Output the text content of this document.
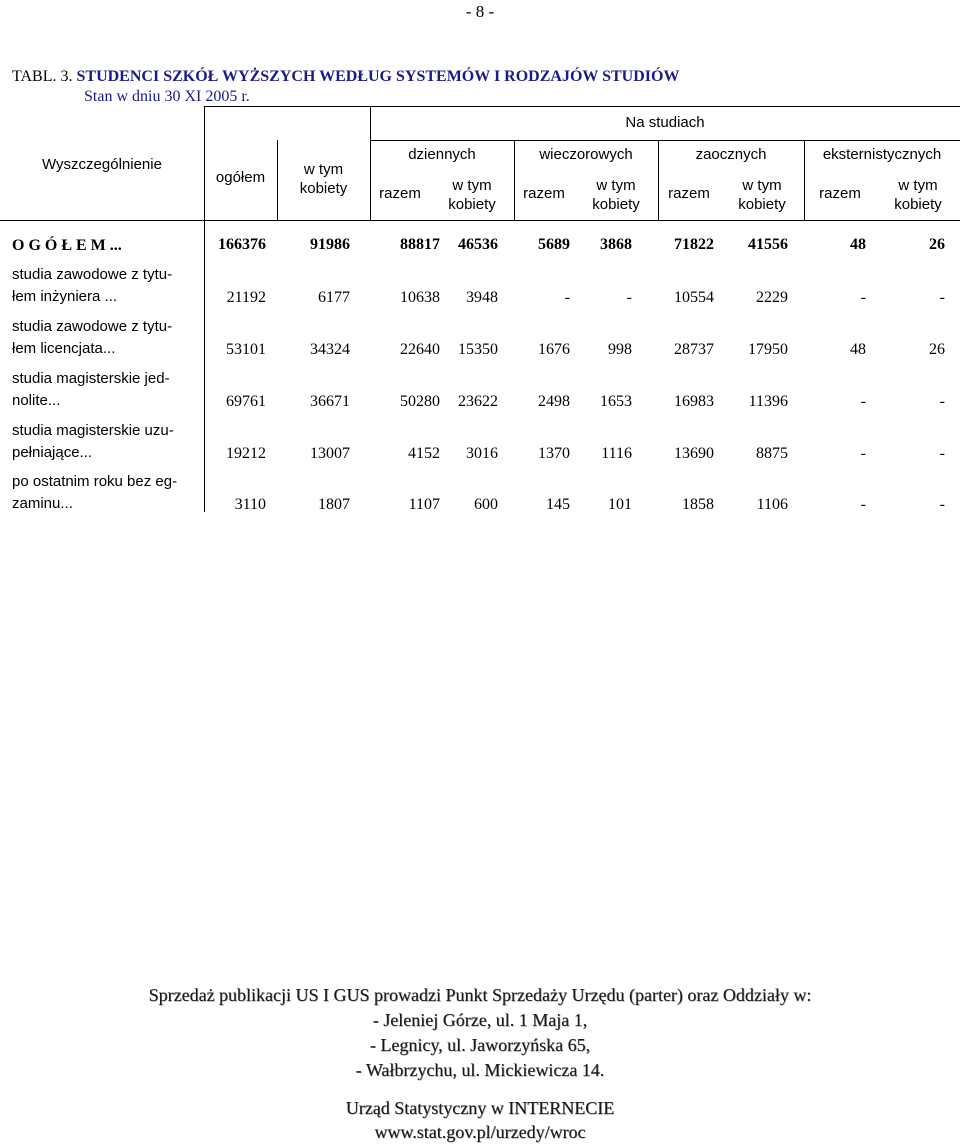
- 8 -
TABL. 3. STUDENCI SZKÓŁ WYŻSZYCH WEDŁUG SYSTEMÓW I RODZAJÓW STUDIÓW
Stan w dniu 30 XI 2005 r.
Wyszczególnienie
ogółem	w tym
kobiety
Na studiach
dziennych	wieczorowych	zaocznych	eksternistycznych
razem	w tym
kobiety
razem	w tym
kobiety
razem	w tym
kobiety
razem	w tym
kobiety
O G Ó Ł E M ...	166376	91986	88817 46536	5689 3868	71822 41556	48	26
studia zawodowe z tytu-
łem inżyniera ...	21192	6177	10638 3948	-	-	10554	2229	-	-
studia zawodowe z tytu-
łem licencjata...	53101	34324	22640 15350	1676 998	28737 17950	48	26
studia magisterskie jed-
nolite...	69761	36671	50280 23622	2498 1653	16983 11396	-	-
studia magisterskie uzu-
pełniające...	19212	13007	4152 3016	1370 1116	13690	8875	-	-
po ostatnim roku bez eg-
zaminu...	3110	1807	1107 600	145 101	1858	1106	-	-
Sprzedaż publikacji US I GUS prowadzi Punkt Sprzedaży Urzędu (parter) oraz Oddziały w:
- Jeleniej Górze, ul. 1 Maja 1,
- Legnicy, ul. Jaworzyńska 65,
- Wałbrzychu, ul. Mickiewicza 14.
Urząd Statystyczny w INTERNECIE
www.stat.gov.pl/urzedy/wroc
